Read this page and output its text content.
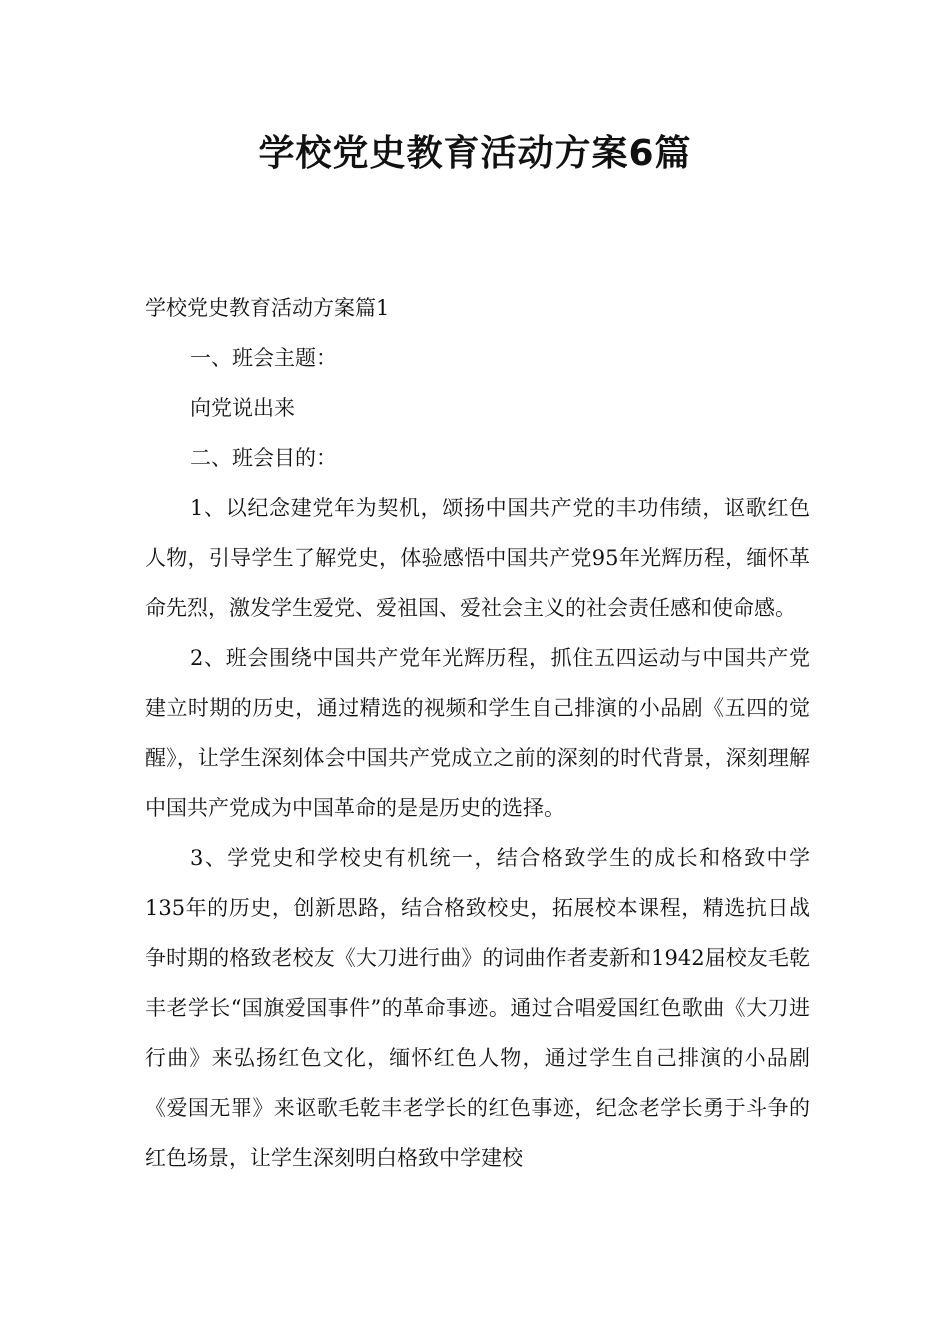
学校党史教育活动方案6篇

学校党史教育活动方案篇1

一、班会主题：

向党说出来

二、班会目的：

1、以纪念建党年为契机，颂扬中国共产党的丰功伟绩，讴歌红色人物，引导学生了解党史，体验感悟中国共产党95年光辉历程，缅怀革命先烈，激发学生爱党、爱祖国、爱社会主义的社会责任感和使命感。

2、班会围绕中国共产党年光辉历程，抓住五四运动与中国共产党建立时期的历史，通过精选的视频和学生自己排演的小品剧《五四的觉醒》，让学生深刻体会中国共产党成立之前的深刻的时代背景，深刻理解中国共产党成为中国革命的是是历史的选择。

3、学党史和学校史有机统一，结合格致学生的成长和格致中学135年的历史，创新思路，结合格致校史，拓展校本课程，精选抗日战争时期的格致老校友《大刀进行曲》的词曲作者麦新和1942届校友毛乾丰老学长“国旗爱国事件”的革命事迹。通过合唱爱国红色歌曲《大刀进行曲》来弘扬红色文化，缅怀红色人物，通过学生自己排演的小品剧《爱国无罪》来讴歌毛乾丰老学长的红色事迹，纪念老学长勇于斗争的红色场景，让学生深刻明白格致中学建校
